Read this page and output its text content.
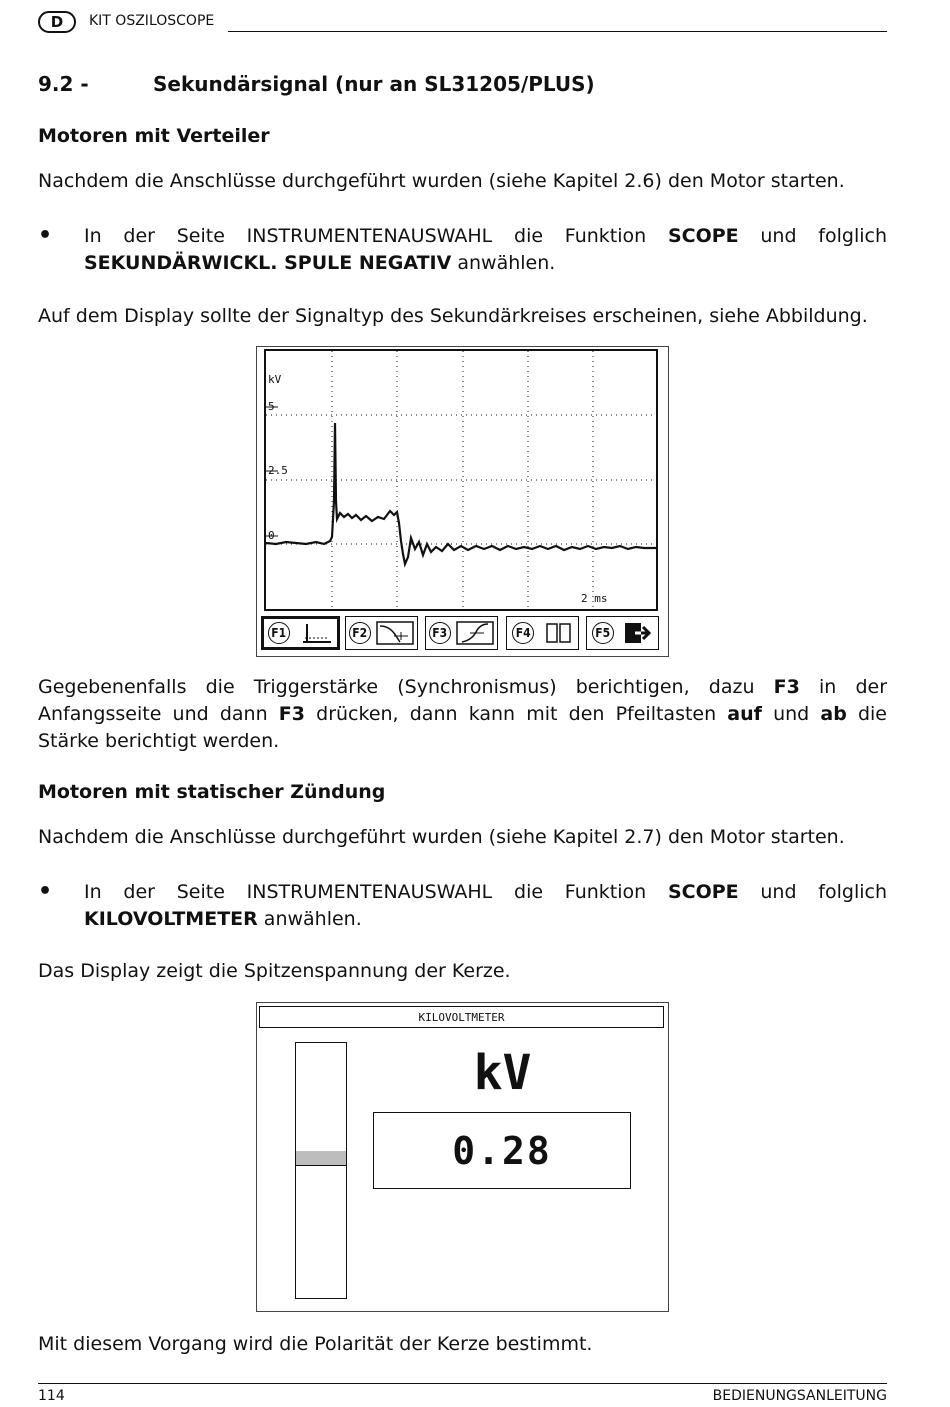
D	KIT OSZILOSCOPE
9.2 -	Sekundärsignal (nur an SL31205/PLUS)
Motoren mit Verteiler
Nachdem die Anschlüsse durchgeführt wurden (siehe Kapitel 2.6) den Motor starten.
• In der Seite INSTRUMENTENAUSWAHL die Funktion SCOPE und folglich SEKUNDÄRWICKL. SPULE NEGATIV anwählen.
Auf dem Display sollte der Signaltyp des Sekundärkreises erscheinen, siehe Abbildung.
kV
5
2.5
0
2 ms
F1	F2	F3	F4	F5
Gegebenenfalls die Triggerstärke (Synchronismus) berichtigen, dazu F3 in der Anfangsseite und dann F3 drücken, dann kann mit den Pfeiltasten auf und ab die Stärke berichtigt werden.
Motoren mit statischer Zündung
Nachdem die Anschlüsse durchgeführt wurden (siehe Kapitel 2.7) den Motor starten.
• In der Seite INSTRUMENTENAUSWAHL die Funktion SCOPE und folglich KILOVOLTMETER anwählen.
Das Display zeigt die Spitzenspannung der Kerze.
KILOVOLTMETER
kV
0.28
Mit diesem Vorgang wird die Polarität der Kerze bestimmt.
114	BEDIENUNGSANLEITUNG
